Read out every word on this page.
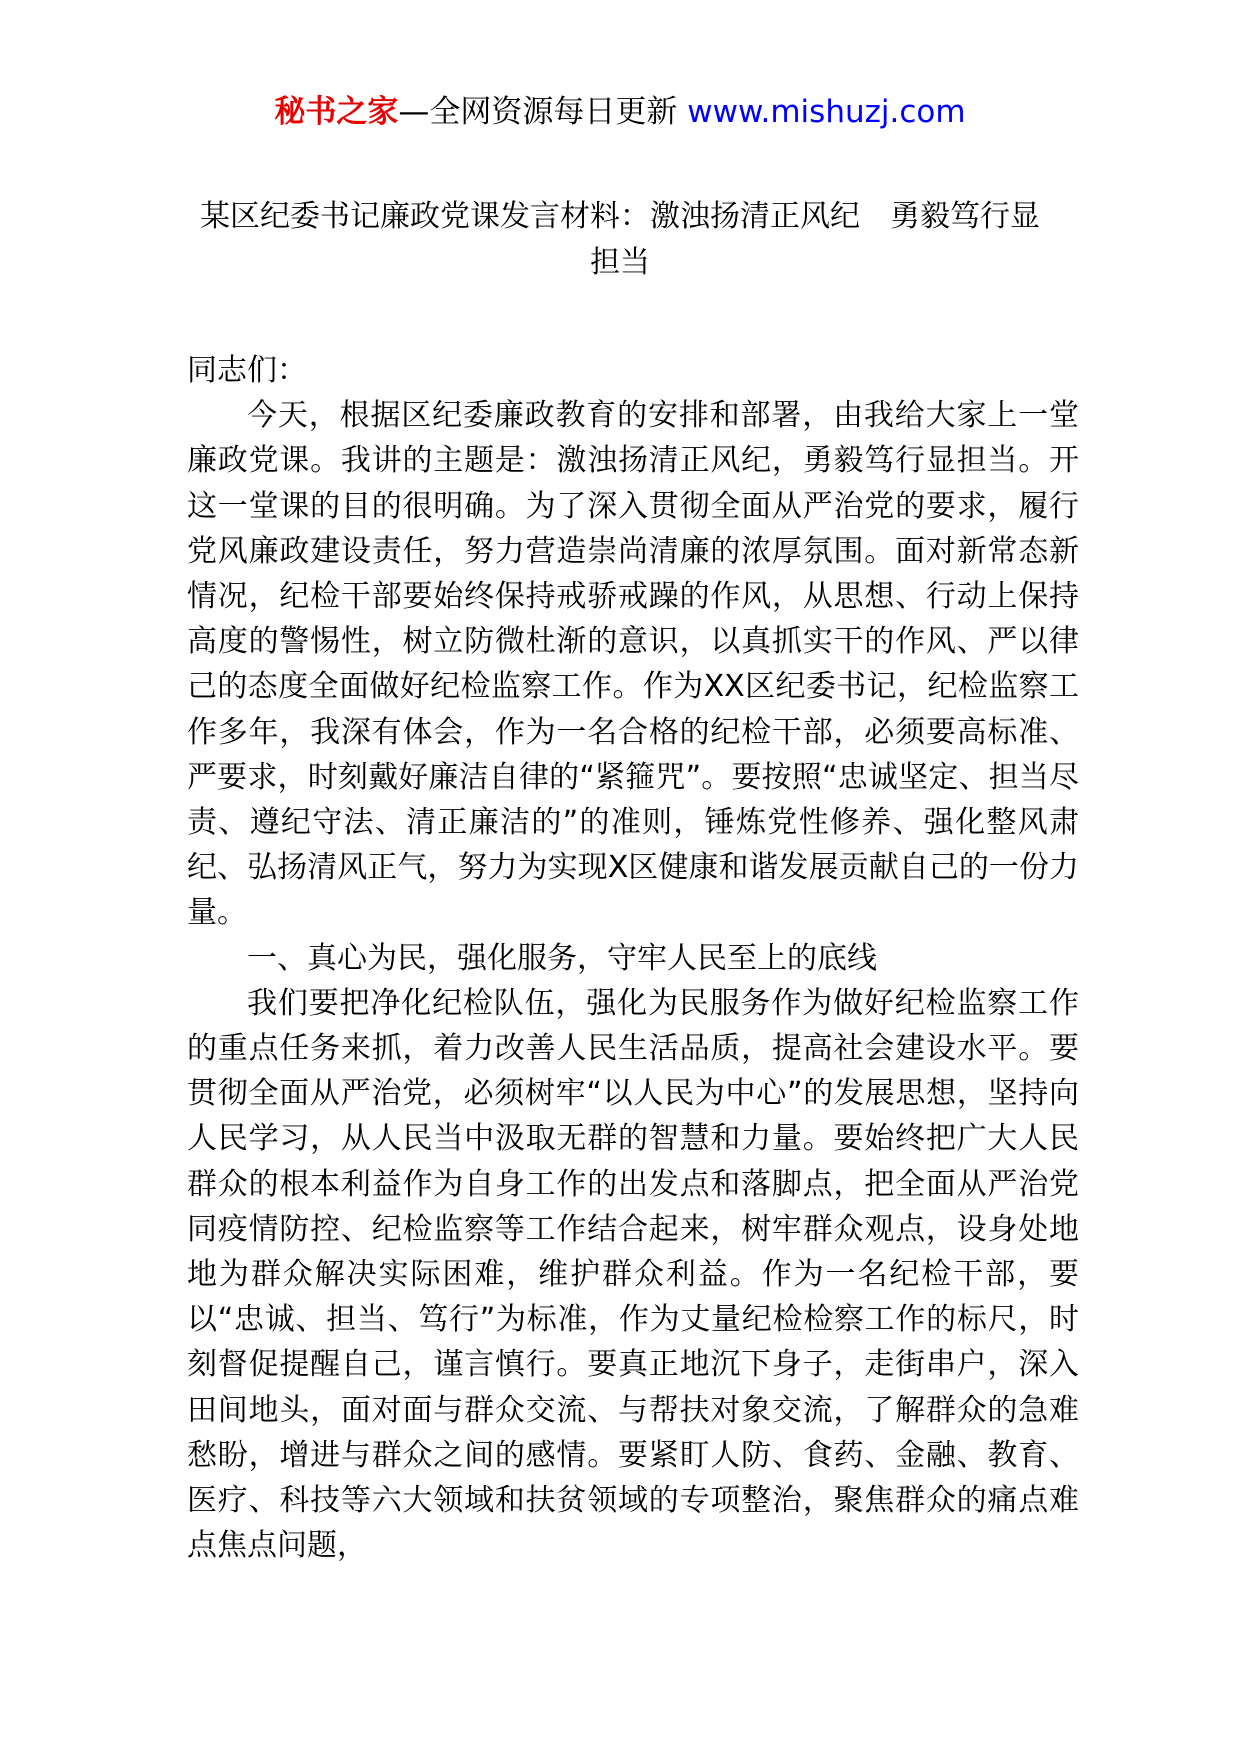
秘书之家—全网资源每日更新 www.mishuzj.com
某区纪委书记廉政党课发言材料：激浊扬清正风纪　勇毅笃行显担当

同志们：

今天，根据区纪委廉政教育的安排和部署，由我给大家上一堂廉政党课。我讲的主题是：激浊扬清正风纪，勇毅笃行显担当。开这一堂课的目的很明确。为了深入贯彻全面从严治党的要求，履行党风廉政建设责任，努力营造崇尚清廉的浓厚氛围。面对新常态新情况，纪检干部要始终保持戒骄戒躁的作风，从思想、行动上保持高度的警惕性，树立防微杜渐的意识，以真抓实干的作风、严以律己的态度全面做好纪检监察工作。作为XX区纪委书记，纪检监察工作多年，我深有体会，作为一名合格的纪检干部，必须要高标准、严要求，时刻戴好廉洁自律的“紧箍咒”。要按照“忠诚坚定、担当尽责、遵纪守法、清正廉洁的”的准则，锤炼党性修养、强化整风肃纪、弘扬清风正气，努力为实现X区健康和谐发展贡献自己的一份力量。

一、真心为民，强化服务，守牢人民至上的底线

我们要把净化纪检队伍，强化为民服务作为做好纪检监察工作的重点任务来抓，着力改善人民生活品质，提高社会建设水平。要贯彻全面从严治党，必须树牢“以人民为中心”的发展思想，坚持向人民学习，从人民当中汲取无群的智慧和力量。要始终把广大人民群众的根本利益作为自身工作的出发点和落脚点，把全面从严治党同疫情防控、纪检监察等工作结合起来，树牢群众观点，设身处地地为群众解决实际困难，维护群众利益。作为一名纪检干部，要以“忠诚、担当、笃行”为标准，作为丈量纪检检察工作的标尺，时刻督促提醒自己，谨言慎行。要真正地沉下身子，走街串户，深入田间地头，面对面与群众交流、与帮扶对象交流，了解群众的急难愁盼，增进与群众之间的感情。要紧盯人防、食药、金融、教育、医疗、科技等六大领域和扶贫领域的专项整治，聚焦群众的痛点难点焦点问题，
